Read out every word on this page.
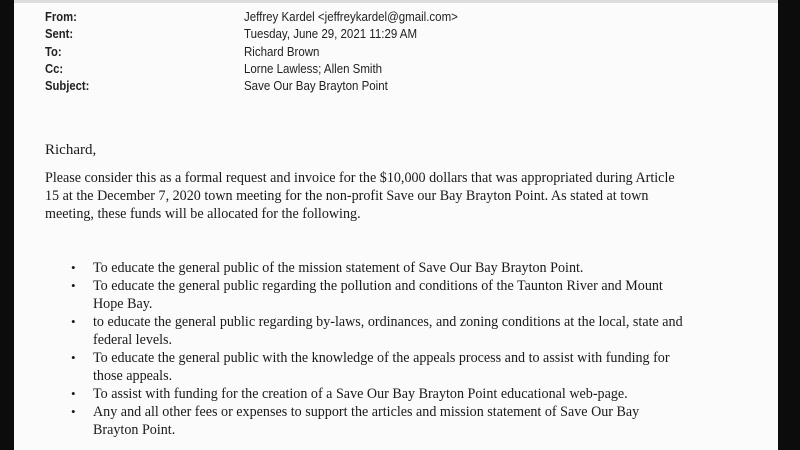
From:	Jeffrey Kardel <jeffreykardel@gmail.com>
Sent:	Tuesday, June 29, 2021 11:29 AM
To:	Richard Brown
Cc:	Lorne Lawless; Allen Smith
Subject:	Save Our Bay Brayton Point
Richard,
Please consider this as a formal request and invoice for the $10,000 dollars that was appropriated during Article
15 at the December 7, 2020 town meeting for the non-profit Save our Bay Brayton Point. As stated at town
meeting, these funds will be allocated for the following.
• To educate the general public of the mission statement of Save Our Bay Brayton Point.
• To educate the general public regarding the pollution and conditions of the Taunton River and Mount
Hope Bay.
• to educate the general public regarding by-laws, ordinances, and zoning conditions at the local, state and
federal levels.
• To educate the general public with the knowledge of the appeals process and to assist with funding for
those appeals.
• To assist with funding for the creation of a Save Our Bay Brayton Point educational web-page.
• Any and all other fees or expenses to support the articles and mission statement of Save Our Bay
Brayton Point.
